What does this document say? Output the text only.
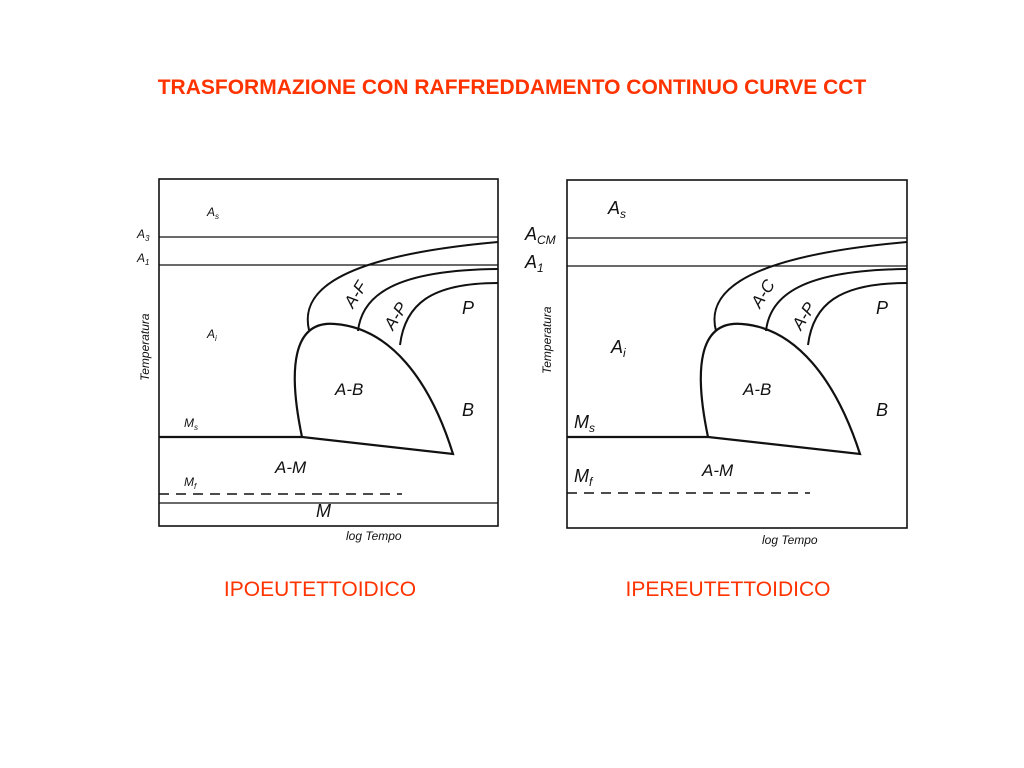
TRASFORMAZIONE CON RAFFREDDAMENTO CONTINUO CURVE CCT
$A_s$
$A_3$
$A_1$
$A_i$
$M_s$
$M_f$
A-F
A-P	P
A-B
B
A-M
M
Temperatura
log Tempo
$A_s$
$A_{CM}$
$A_1$
$A_i$
$M_s$
$M_f$
A-C
A-P	P
A-B
B
A-M
Temperatura
log Tempo
IPOEUTETTOIDICO	IPEREUTETTOIDICO
